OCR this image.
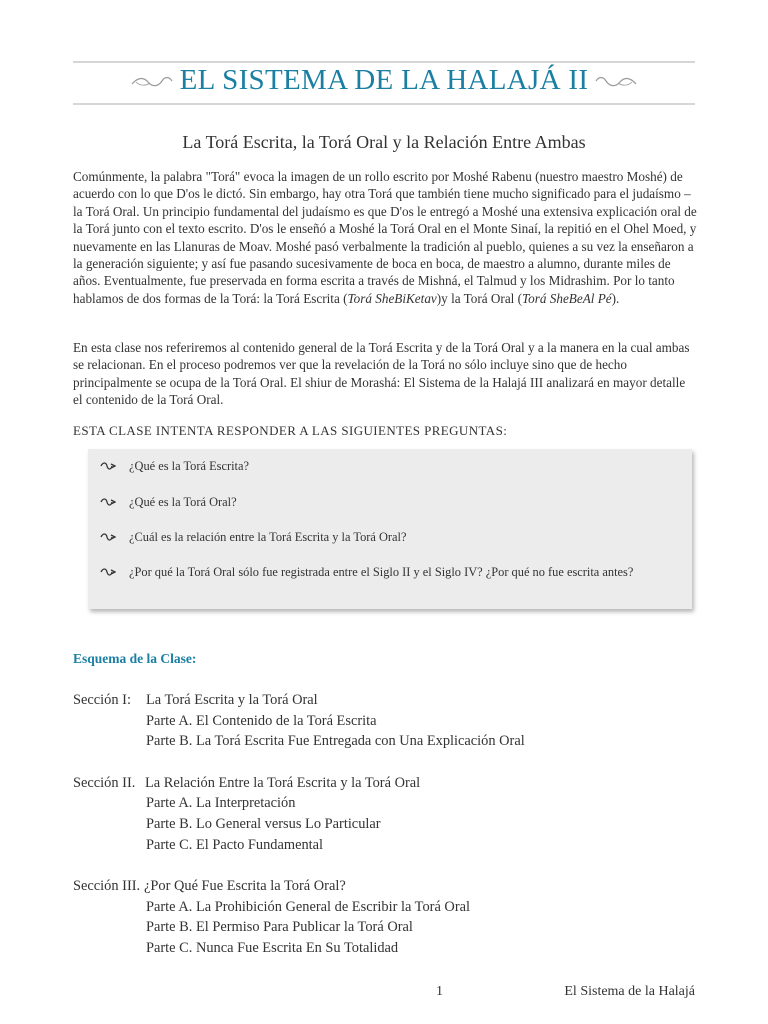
EL SISTEMA DE LA HALAJÁ II
La Torá Escrita, la Torá Oral y la Relación Entre Ambas

Comúnmente, la palabra "Torá" evoca la imagen de un rollo escrito por Moshé Rabenu (nuestro maestro Moshé) de acuerdo con lo que D'os le dictó. Sin embargo, hay otra Torá que también tiene mucho significado para el judaísmo – la Torá Oral. Un principio fundamental del judaísmo es que D'os le entregó a Moshé una extensiva explicación oral de la Torá junto con el texto escrito. D'os le enseñó a Moshé la Torá Oral en el Monte Sinaí, la repitió en el Ohel Moed, y nuevamente en las Llanuras de Moav. Moshé pasó verbalmente la tradición al pueblo, quienes a su vez la enseñaron a la generación siguiente; y así fue pasando sucesivamente de boca en boca, de maestro a alumno, durante miles de años. Eventualmente, fue preservada en forma escrita a través de Mishná, el Talmud y los Midrashim. Por lo tanto hablamos de dos formas de la Torá: la Torá Escrita (Torá SheBiKetav)y la Torá Oral (Torá SheBeAl Pé).

En esta clase nos referiremos al contenido general de la Torá Escrita y de la Torá Oral y a la manera en la cual ambas se relacionan. En el proceso podremos ver que la revelación de la Torá no sólo incluye sino que de hecho principalmente se ocupa de la Torá Oral. El shiur de Morashá: El Sistema de la Halajá III analizará en mayor detalle el contenido de la Torá Oral.

ESTA CLASE INTENTA RESPONDER A LAS SIGUIENTES PREGUNTAS:
¿Qué es la Torá Escrita?
¿Qué es la Torá Oral?
¿Cuál es la relación entre la Torá Escrita y la Torá Oral?
¿Por qué la Torá Oral sólo fue registrada entre el Siglo II y el Siglo IV? ¿Por qué no fue escrita antes?
Esquema de la Clase:
Sección I: La Torá Escrita y la Torá Oral
Parte A. El Contenido de la Torá Escrita
Parte B. La Torá Escrita Fue Entregada con Una Explicación Oral
Sección II. La Relación Entre la Torá Escrita y la Torá Oral
Parte A. La Interpretación
Parte B. Lo General versus Lo Particular
Parte C. El Pacto Fundamental
Sección III. ¿Por Qué Fue Escrita la Torá Oral?
Parte A. La Prohibición General de Escribir la Torá Oral
Parte B. El Permiso Para Publicar la Torá Oral
Parte C. Nunca Fue Escrita En Su Totalidad
1	El Sistema de la Halajá
